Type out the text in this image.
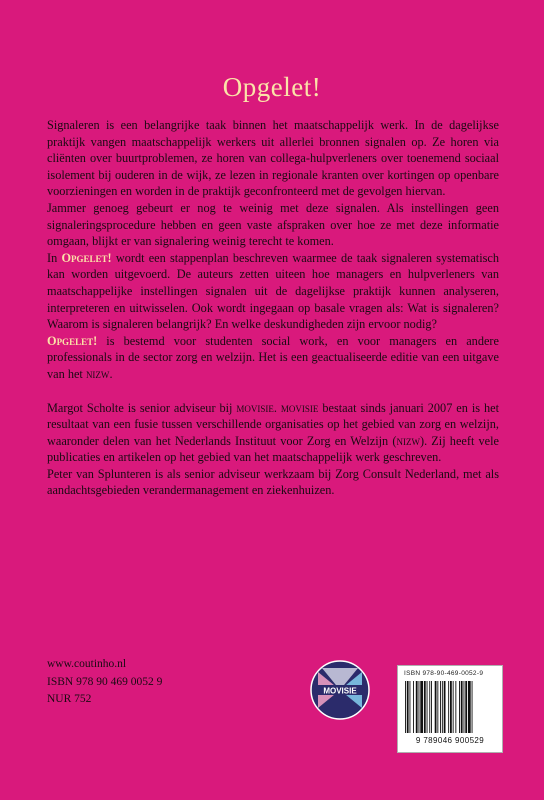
Opgelet!

Signaleren is een belangrijke taak binnen het maatschappelijk werk. In de dagelijkse praktijk vangen maatschappelijk werkers uit allerlei bronnen signalen op. Ze horen via cliënten over buurtproblemen, ze horen van collega-hulpverleners over toenemend sociaal isolement bij ouderen in de wijk, ze lezen in regionale kranten over kortingen op openbare voorzieningen en worden in de praktijk geconfronteerd met de gevolgen hiervan.

Jammer genoeg gebeurt er nog te weinig met deze signalen. Als instellingen geen signaleringsprocedure hebben en geen vaste afspraken over hoe ze met deze informatie omgaan, blijkt er van signalering weinig terecht te komen.

In Opgelet! wordt een stappenplan beschreven waarmee de taak signaleren systematisch kan worden uitgevoerd. De auteurs zetten uiteen hoe managers en hulpverleners van maatschappelijke instellingen signalen uit de dagelijkse praktijk kunnen analyseren, interpreteren en uitwisselen. Ook wordt ingegaan op basale vragen als: Wat is signaleren? Waarom is signaleren belangrijk? En welke deskundigheden zijn ervoor nodig?

Opgelet! is bestemd voor studenten social work, en voor managers en andere professionals in de sector zorg en welzijn. Het is een geactualiseerde editie van een uitgave van het nizw.

Margot Scholte is senior adviseur bij movisie. movisie bestaat sinds januari 2007 en is het resultaat van een fusie tussen verschillende organisaties op het gebied van zorg en welzijn, waaronder delen van het Nederlands Instituut voor Zorg en Welzijn (nizw). Zij heeft vele publicaties en artikelen op het gebied van het maatschappelijk werk geschreven.

Peter van Splunteren is als senior adviseur werkzaam bij Zorg Consult Nederland, met als aandachtsgebieden verandermanagement en ziekenhuizen.

www.coutinho.nl
ISBN 978 90 469 0052 9
NUR 752
MOVISIE
ISBN 978-90-469-0052-9
9 789046 900529
